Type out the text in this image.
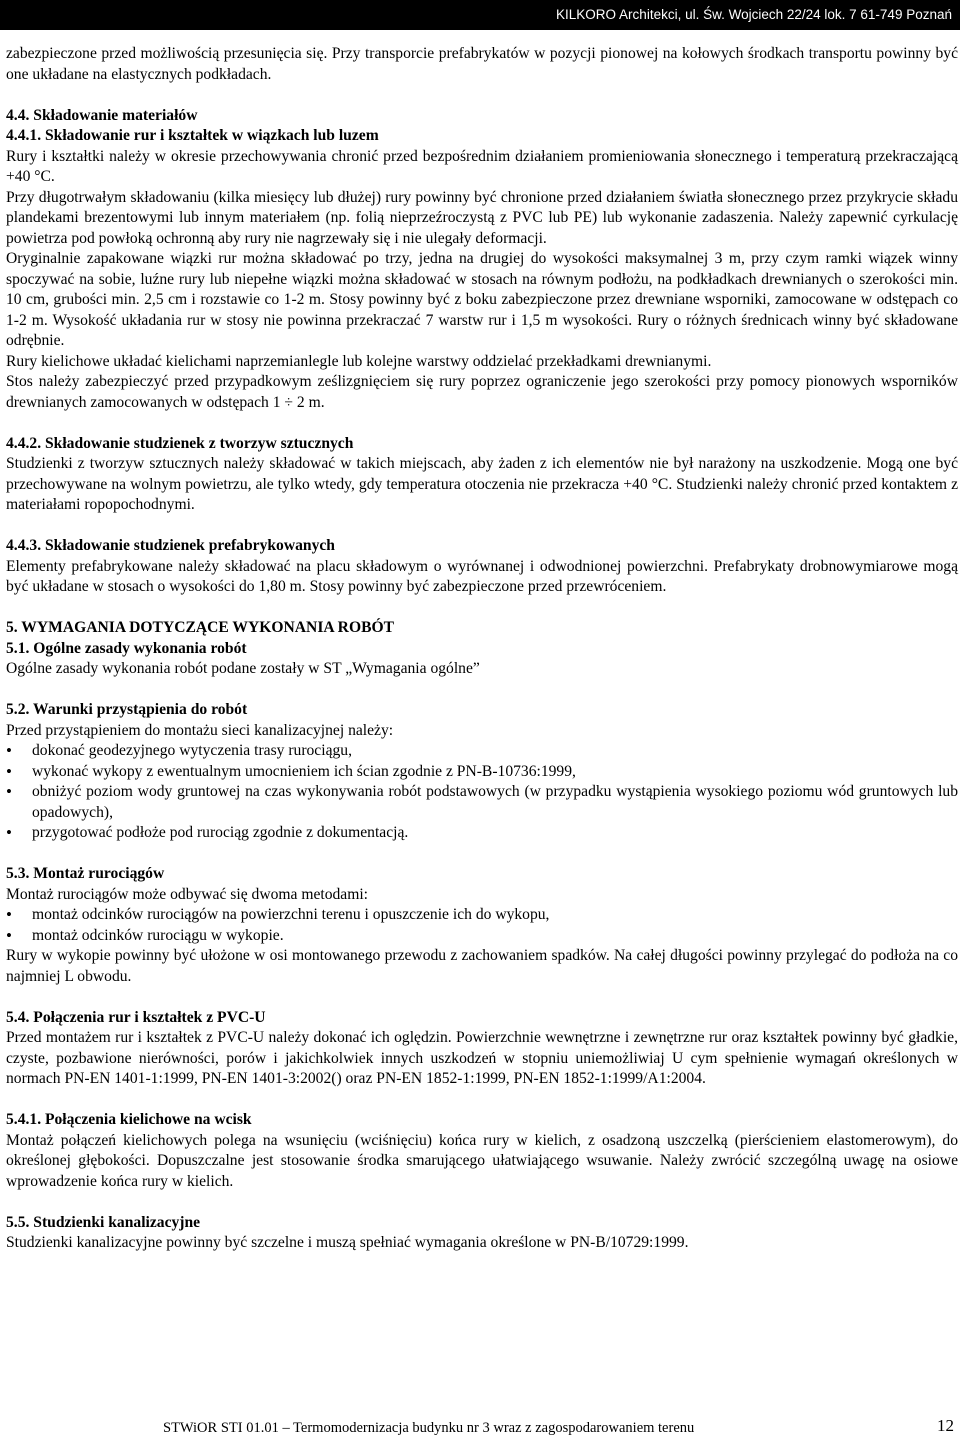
KILKORO Architekci, ul. Św. Wojciech 22/24 lok. 7 61-749 Poznań

zabezpieczone przed możliwością przesunięcia się. Przy transporcie prefabrykatów w pozycji pionowej na kołowych środkach transportu powinny być one układane na elastycznych podkładach.

4.4. Składowanie materiałów

4.4.1. Składowanie rur i kształtek w wiązkach lub luzem

Rury i kształtki należy w okresie przechowywania chronić przed bezpośrednim działaniem promieniowania słonecznego i temperaturą przekraczającą +40 °C.

Przy długotrwałym składowaniu (kilka miesięcy lub dłużej) rury powinny być chronione przed działaniem światła słonecznego przez przykrycie składu plandekami brezentowymi lub innym materiałem (np. folią nieprzeźroczystą z PVC lub PE) lub wykonanie zadaszenia. Należy zapewnić cyrkulację powietrza pod powłoką ochronną aby rury nie nagrzewały się i nie ulegały deformacji.

Oryginalnie zapakowane wiązki rur można składować po trzy, jedna na drugiej do wysokości maksymalnej 3 m, przy czym ramki wiązek winny spoczywać na sobie, luźne rury lub niepełne wiązki można składować w stosach na równym podłożu, na podkładkach drewnianych o szerokości min. 10 cm, grubości min. 2,5 cm i rozstawie co 1-2 m. Stosy powinny być z boku zabezpieczone przez drewniane wsporniki, zamocowane w odstępach co 1-2 m. Wysokość układania rur w stosy nie powinna przekraczać 7 warstw rur i 1,5 m wysokości. Rury o różnych średnicach winny być składowane odrębnie.

Rury kielichowe układać kielichami naprzemianlegle lub kolejne warstwy oddzielać przekładkami drewnianymi.

Stos należy zabezpieczyć przed przypadkowym ześlizgnięciem się rury poprzez ograniczenie jego szerokości przy pomocy pionowych wsporników drewnianych zamocowanych w odstępach 1 ÷ 2 m.

4.4.2. Składowanie studzienek z tworzyw sztucznych

Studzienki z tworzyw sztucznych należy składować w takich miejscach, aby żaden z ich elementów nie był narażony na uszkodzenie. Mogą one być przechowywane na wolnym powietrzu, ale tylko wtedy, gdy temperatura otoczenia nie przekracza +40 °C. Studzienki należy chronić przed kontaktem z materiałami ropopochodnymi.

4.4.3. Składowanie studzienek prefabrykowanych

Elementy prefabrykowane należy składować na placu składowym o wyrównanej i odwodnionej powierzchni. Prefabrykaty drobnowymiarowe mogą być układane w stosach o wysokości do 1,80 m. Stosy powinny być zabezpieczone przed przewróceniem.

5. WYMAGANIA DOTYCZĄCE WYKONANIA ROBÓT

5.1. Ogólne zasady wykonania robót

Ogólne zasady wykonania robót podane zostały w ST „Wymagania ogólne”

5.2. Warunki przystąpienia do robót

Przed przystąpieniem do montażu sieci kanalizacyjnej należy:

• dokonać geodezyjnego wytyczenia trasy rurociągu,
• wykonać wykopy z ewentualnym umocnieniem ich ścian zgodnie z PN-B-10736:1999,
• obniżyć poziom wody gruntowej na czas wykonywania robót podstawowych (w przypadku wystąpienia wysokiego poziomu wód gruntowych lub opadowych),
• przygotować podłoże pod rurociąg zgodnie z dokumentacją.

5.3. Montaż rurociągów

Montaż rurociągów może odbywać się dwoma metodami:

• montaż odcinków rurociągów na powierzchni terenu i opuszczenie ich do wykopu,
• montaż odcinków rurociągu w wykopie.

Rury w wykopie powinny być ułożone w osi montowanego przewodu z zachowaniem spadków. Na całej długości powinny przylegać do podłoża na co najmniej L obwodu.

5.4. Połączenia rur i kształtek z PVC-U

Przed montażem rur i kształtek z PVC-U należy dokonać ich oględzin. Powierzchnie wewnętrzne i zewnętrzne rur oraz kształtek powinny być gładkie, czyste, pozbawione nierówności, porów i jakichkolwiek innych uszkodzeń w stopniu uniemożliwiaj U cym spełnienie wymagań określonych w normach PN-EN 1401-1:1999, PN-EN 1401-3:2002() oraz PN-EN 1852-1:1999, PN-EN 1852-1:1999/A1:2004.

5.4.1. Połączenia kielichowe na wcisk

Montaż połączeń kielichowych polega na wsunięciu (wciśnięciu) końca rury w kielich, z osadzoną uszczelką (pierścieniem elastomerowym), do określonej głębokości. Dopuszczalne jest stosowanie środka smarującego ułatwiającego wsuwanie. Należy zwrócić szczególną uwagę na osiowe wprowadzenie końca rury w kielich.

5.5. Studzienki kanalizacyjne

Studzienki kanalizacyjne powinny być szczelne i muszą spełniać wymagania określone w PN-B/10729:1999.

STWiOR STI 01.01 – Termomodernizacja budynku nr 3 wraz z zagospodarowaniem terenu	12
